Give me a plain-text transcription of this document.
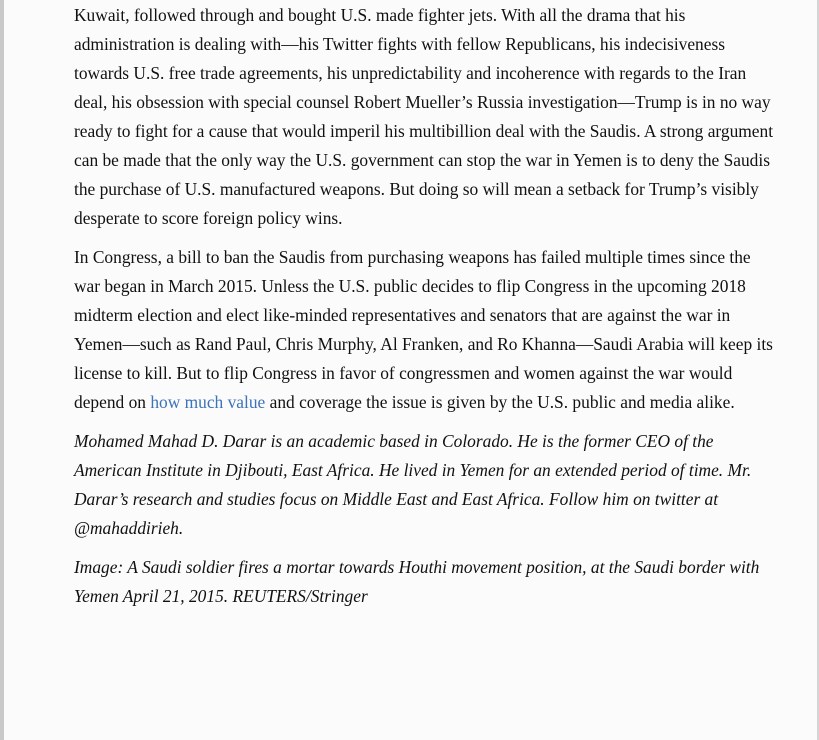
Kuwait, followed through and bought U.S. made fighter jets. With all the drama that his administration is dealing with—his Twitter fights with fellow Republicans, his indecisiveness towards U.S. free trade agreements, his unpredictability and incoherence with regards to the Iran deal, his obsession with special counsel Robert Mueller’s Russia investigation—Trump is in no way ready to fight for a cause that would imperil his multibillion deal with the Saudis. A strong argument can be made that the only way the U.S. government can stop the war in Yemen is to deny the Saudis the purchase of U.S. manufactured weapons. But doing so will mean a setback for Trump’s visibly desperate to score foreign policy wins.

In Congress, a bill to ban the Saudis from purchasing weapons has failed multiple times since the war began in March 2015. Unless the U.S. public decides to flip Congress in the upcoming 2018 midterm election and elect like-minded representatives and senators that are against the war in Yemen—such as Rand Paul, Chris Murphy, Al Franken, and Ro Khanna—Saudi Arabia will keep its license to kill. But to flip Congress in favor of congressmen and women against the war would depend on how much value and coverage the issue is given by the U.S. public and media alike.

Mohamed Mahad D. Darar is an academic based in Colorado. He is the former CEO of the American Institute in Djibouti, East Africa. He lived in Yemen for an extended period of time. Mr. Darar’s research and studies focus on Middle East and East Africa. Follow him on twitter at @mahaddirieh.

Image: A Saudi soldier fires a mortar towards Houthi movement position, at the Saudi border with Yemen April 21, 2015. REUTERS/Stringer
